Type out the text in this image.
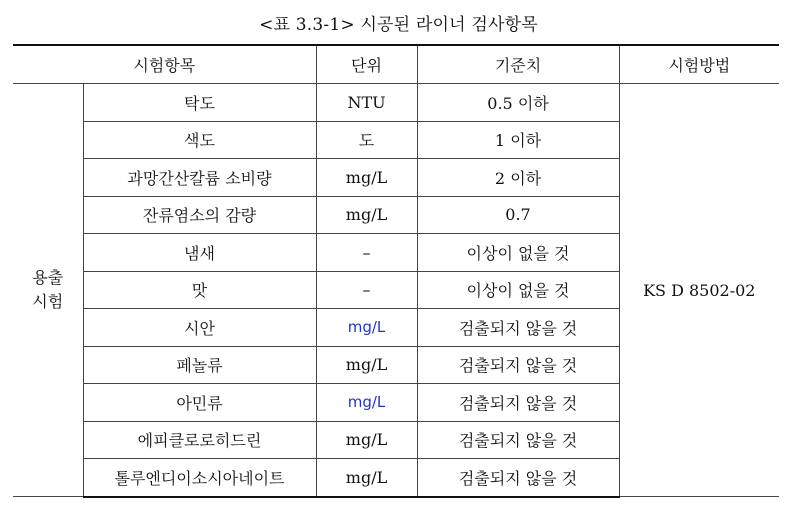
<표 3.3-1> 시공된 라이너 검사항목
시험항목		단위	기준치	시험방법
용출
시험	탁도	NTU	0.5 이하	KS D 8502-02
	색도	도	1 이하	
	과망간산칼륨 소비량	mg/L	2 이하	
	잔류염소의 감량	mg/L	0.7	
	냄새	–	이상이 없을 것	
	맛	–	이상이 없을 것	
	시안	mg/L	검출되지 않을 것	
	페놀류	mg/L	검출되지 않을 것	
	아민류	mg/L	검출되지 않을 것	
	에피클로로히드린	mg/L	검출되지 않을 것	
	톨루엔디이소시아네이트	mg/L	검출되지 않을 것	
